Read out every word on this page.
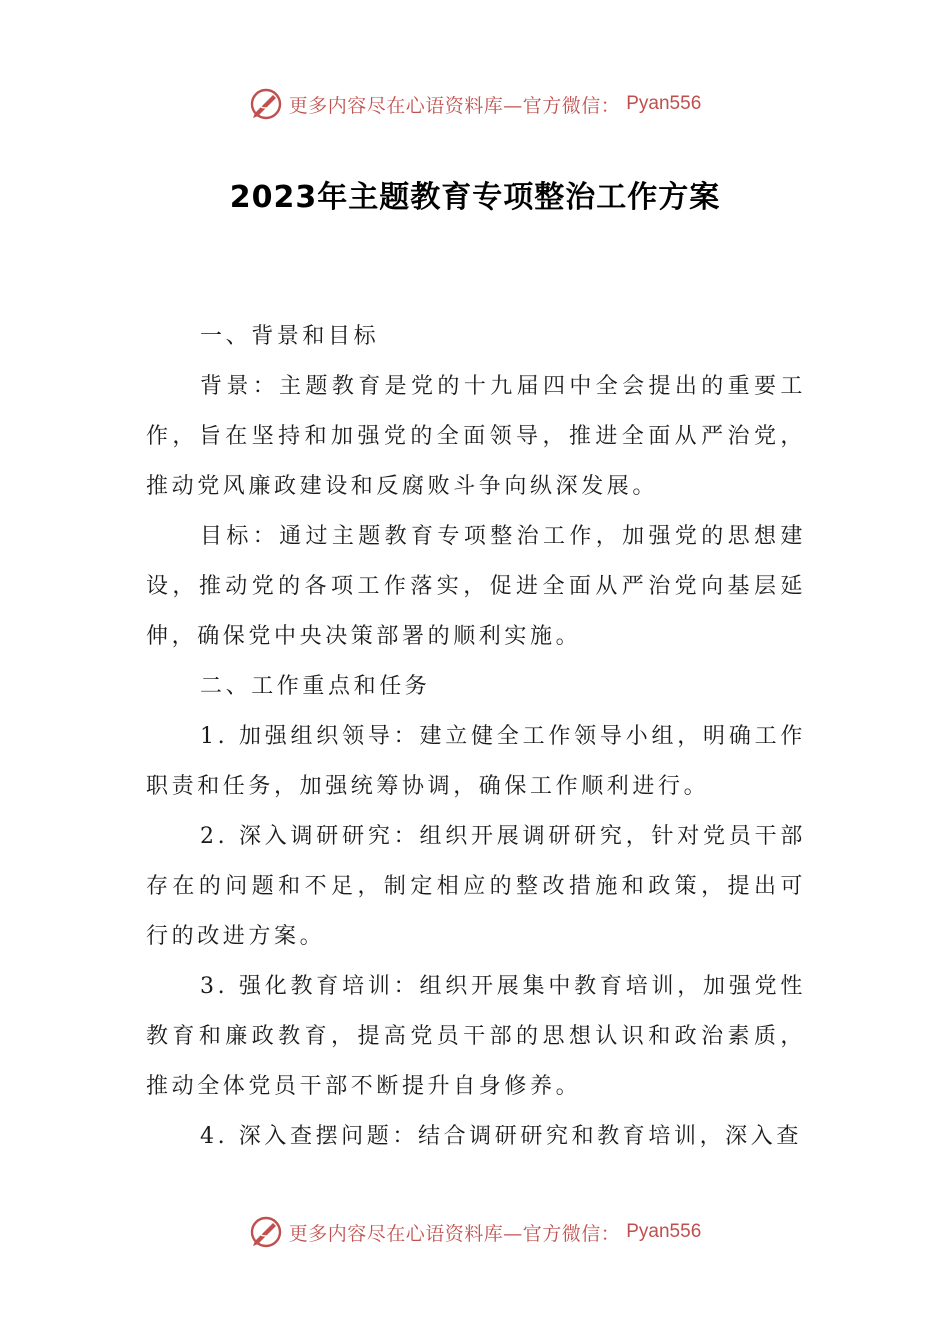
更多内容尽在心语资料库—官方微信： Pyan556
2023年主题教育专项整治工作方案

一、背景和目标

背景：主题教育是党的十九届四中全会提出的重要工作，旨在坚持和加强党的全面领导，推进全面从严治党，推动党风廉政建设和反腐败斗争向纵深发展。

目标：通过主题教育专项整治工作，加强党的思想建设，推动党的各项工作落实，促进全面从严治党向基层延伸，确保党中央决策部署的顺利实施。

二、工作重点和任务

1. 加强组织领导：建立健全工作领导小组，明确工作职责和任务，加强统筹协调，确保工作顺利进行。

2. 深入调研研究：组织开展调研研究，针对党员干部存在的问题和不足，制定相应的整改措施和政策，提出可行的改进方案。

3. 强化教育培训：组织开展集中教育培训，加强党性教育和廉政教育，提高党员干部的思想认识和政治素质，推动全体党员干部不断提升自身修养。

4. 深入查摆问题：结合调研研究和教育培训，深入查

更多内容尽在心语资料库—官方微信： Pyan556
